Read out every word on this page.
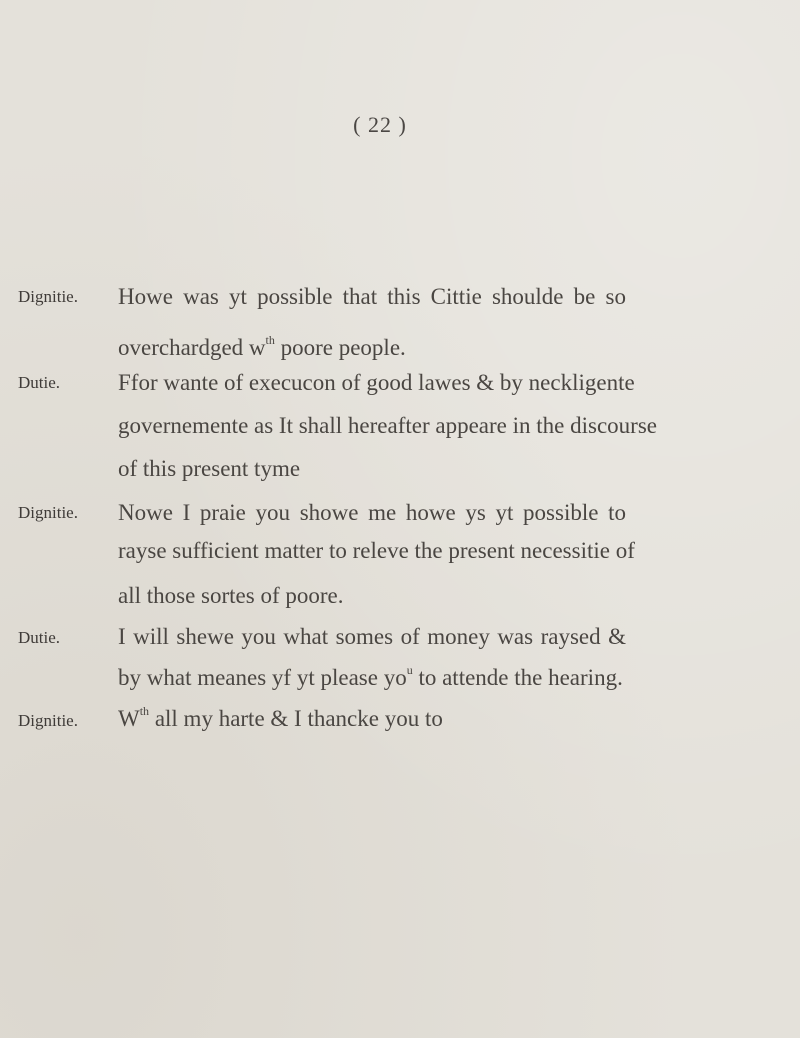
( 22 )
Dignitie. Howe was yt possible that this Cittie shoulde be so
overchardged $w^{th}$ poore people.
Dutie.	Ffor wante of execucon of good lawes & by neckligente
governemente as It shall hereafter appeare in the discourse
of this present tyme
Dignitie. Nowe I praie you showe me howe ys yt possible to
rayse sufficient matter to releve the present necessitie of
all those sortes of poore.
Dutie.	I will shewe you what somes of money was raysed &
by what meanes yf yt please $yo^u$ to attende the hearing.
Dignitie. $W^{th}$ all my harte & I thancke you to
